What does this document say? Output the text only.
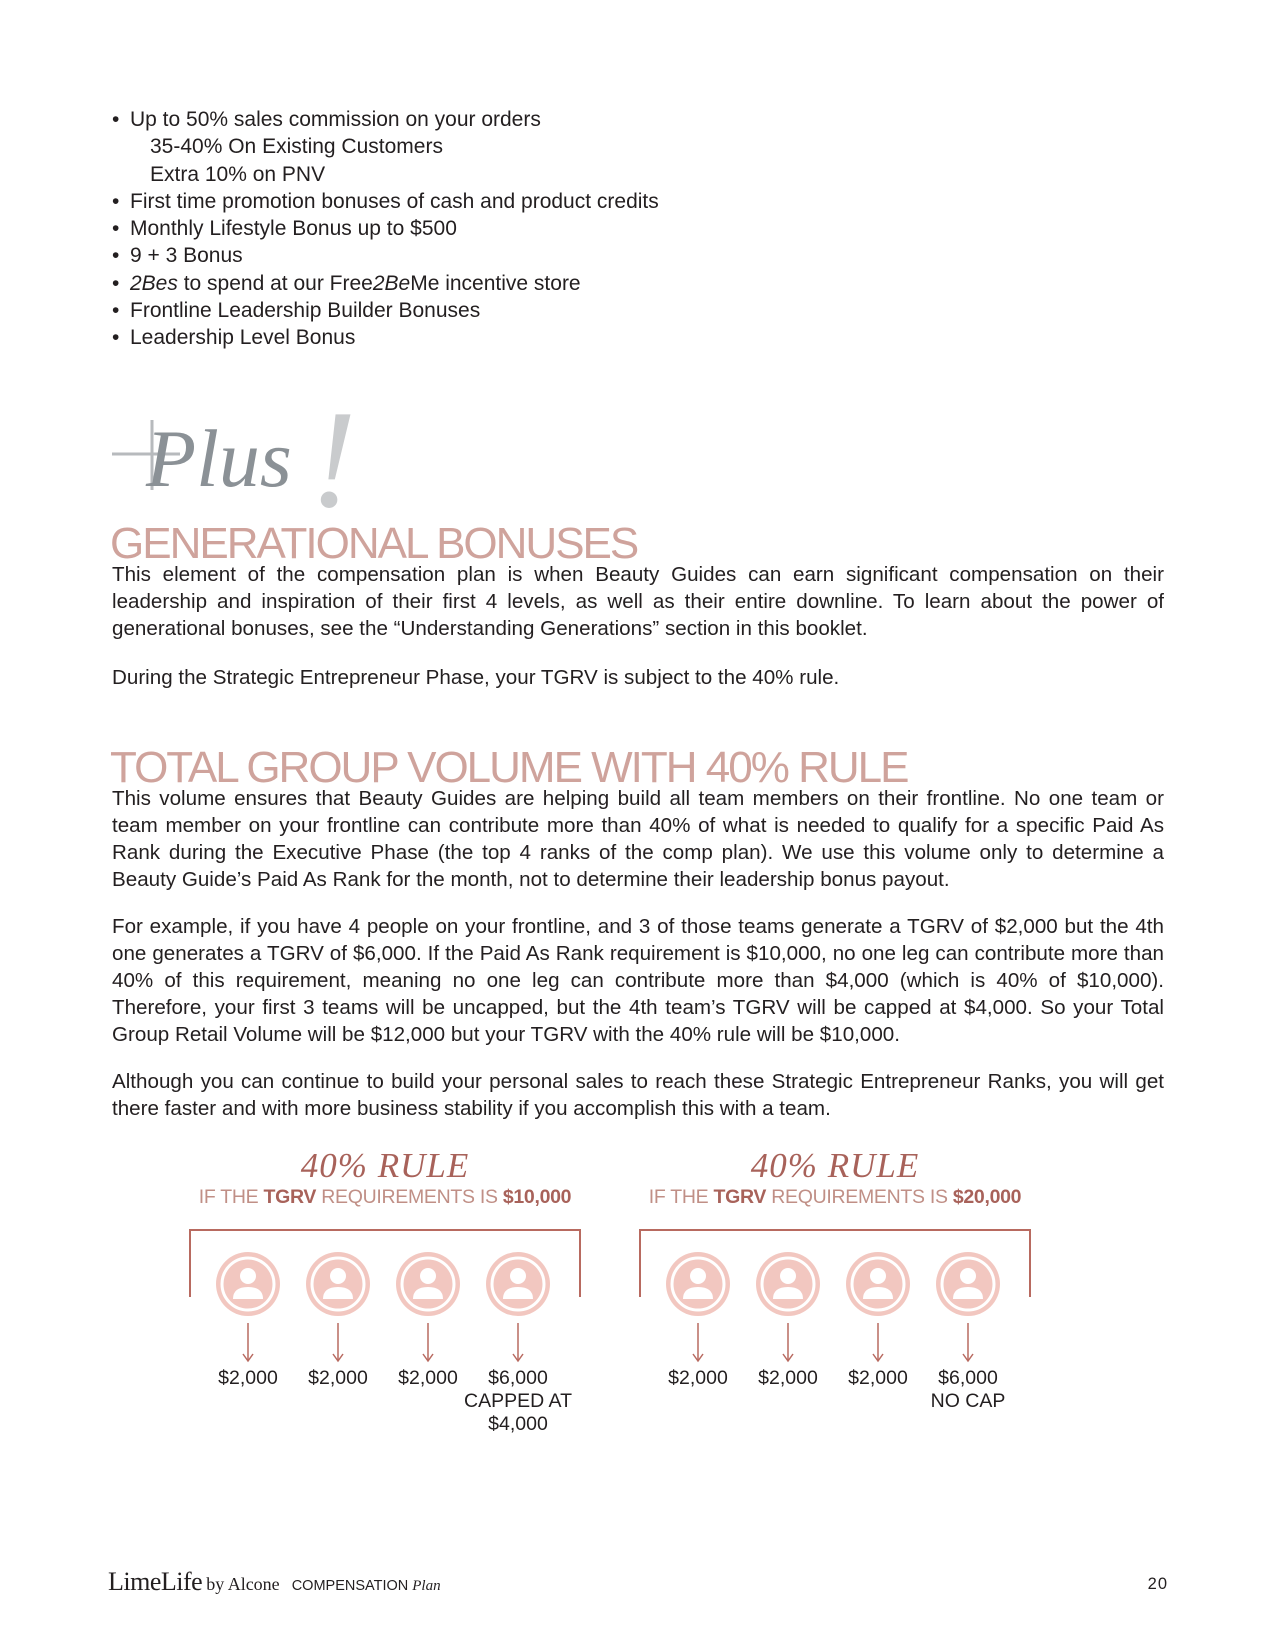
• Up to 50% sales commission on your orders
35-40% On Existing Customers
Extra 10% on PNV
• First time promotion bonuses of cash and product credits
• Monthly Lifestyle Bonus up to $500
• 9 + 3 Bonus
• 2Bes to spend at our Free2BeMe incentive store
• Frontline Leadership Builder Bonuses
• Leadership Level Bonus
Plus !
GENERATIONAL BONUSES

This element of the compensation plan is when Beauty Guides can earn significant compensation on their leadership and inspiration of their first 4 levels, as well as their entire downline. To learn about the power of generational bonuses, see the “Understanding Generations” section in this booklet.

During the Strategic Entrepreneur Phase, your TGRV is subject to the 40% rule.

TOTAL GROUP VOLUME WITH 40% RULE

This volume ensures that Beauty Guides are helping build all team members on their frontline. No one team or team member on your frontline can contribute more than 40% of what is needed to qualify for a specific Paid As Rank during the Executive Phase (the top 4 ranks of the comp plan). We use this volume only to determine a Beauty Guide’s Paid As Rank for the month, not to determine their leadership bonus payout.

For example, if you have 4 people on your frontline, and 3 of those teams generate a TGRV of $2,000 but the 4th one generates a TGRV of $6,000. If the Paid As Rank requirement is $10,000, no one leg can contribute more than 40% of this requirement, meaning no one leg can contribute more than $4,000 (which is 40% of $10,000). Therefore, your first 3 teams will be uncapped, but the 4th team’s TGRV will be capped at $4,000. So your Total Group Retail Volume will be $12,000 but your TGRV with the 40% rule will be $10,000.

Although you can continue to build your personal sales to reach these Strategic Entrepreneur Ranks, you will get there faster and with more business stability if you accomplish this with a team.

40% RULE

IF THE TGRV REQUIREMENTS IS $10,000

$2,000	$2,000	$2,000	$6,000

CAPPED AT

$4,000

40% RULE

IF THE TGRV REQUIREMENTS IS $20,000

$2,000	$2,000	$2,000	$6,000

NO CAP

LimeLife by Alcone COMPENSATION Plan	20
